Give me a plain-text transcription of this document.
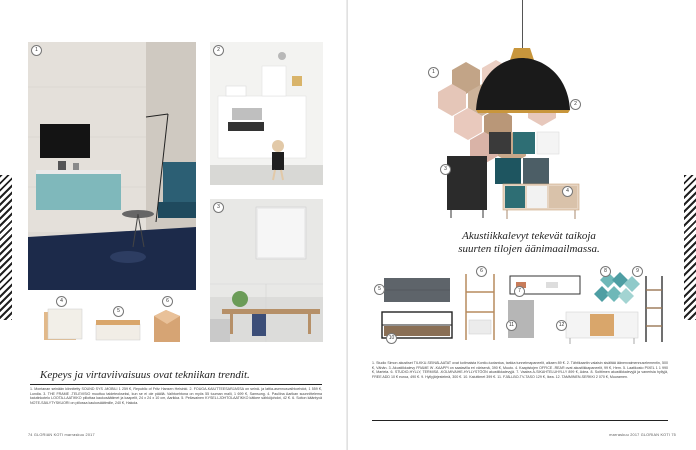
1	2
3
4
5
6
Kepeys ja virtaviivaisuus ovat tekniikan trendit.
1. Montanan seinään kiinnitetty SOUND SYS -MOBILI 1 259 €, Republic of Fritz Hansen Helsinki. 2. FOUGA-KAIUTTEESARJASSA on seinä- ja lattia-asennusvaihtoehdot, 1 559 €, Lundia. 3. THE FRAME -TELEVISIO muuttuu taideteokseksi, kun se ei ole päällä. Vaihtoehtona on myös 55 tuuman malli, 1 699 €, Samsung. 4. Pauliina Aarikan suunnittelema kaiutinkotelo LOOTA-LAATIKKO piilottaa kaukosäätimet ja kaapelit, 24 x 24 x 10 cm, Aarikka. 5. Pellavainen KYSELI-JOHTOLAATIKKO kätkee sähköjohdot, 42 €. 6. Soiton kääntyvä NOTE-SÄILYTYSKUORI on piilossa kaukosäätimille, 240 €, Hakola.
74 GLORIAN KOTI marraskuu 2017
1
2
3
4
Akustiikkalevyt tekevät taikoja
suurten tilojen äänimaailmassa.
5
6
7
8	9
10
11	12
1. Studio Simon akustiset TILKKU-SEINÄLAATAT ovat kotimaista Kontio-tuotantoa, tarkka tunnelmapaneelit, alkaen 89 €. 2. Tähtikaartin valaisin sisältää äänenvaimennuselementin, 500 €, Vähän. 3. Akustiikkalevy FRAME W -KAAPPI on saatavilla eri värisenä, 390 €, Muuto. 4. Kaapistojen OFFICE -REAR ovat akustiikkapaneelit, 99 €, Hem. 5. Laatikosto PIXEL 1 1 990 €, Martela. 6. STUDIO-HYLLY, TERMISÄ -KOLMIVAIHE-HYLLYSTÖÖN akustiikkalevyjä. 7. Vaalea A-SIKAHTELUHYLLY 899 €, Adea. 8. Soittimen akustiikkalevyjä ja vanerisia hyllyjä, FREE ADD 10 € euroa, 490 €. 9. Hyllyjärjestelmä, 300 €. 10. Kaiuttimet 399 €. 11. FJÄLLBO-TV-TASO 129 €, Ikea. 12. TAMMINEN-SERKKI 2 070 €, Muuramen.
marraskuu 2017 GLORIAN KOTI 75
